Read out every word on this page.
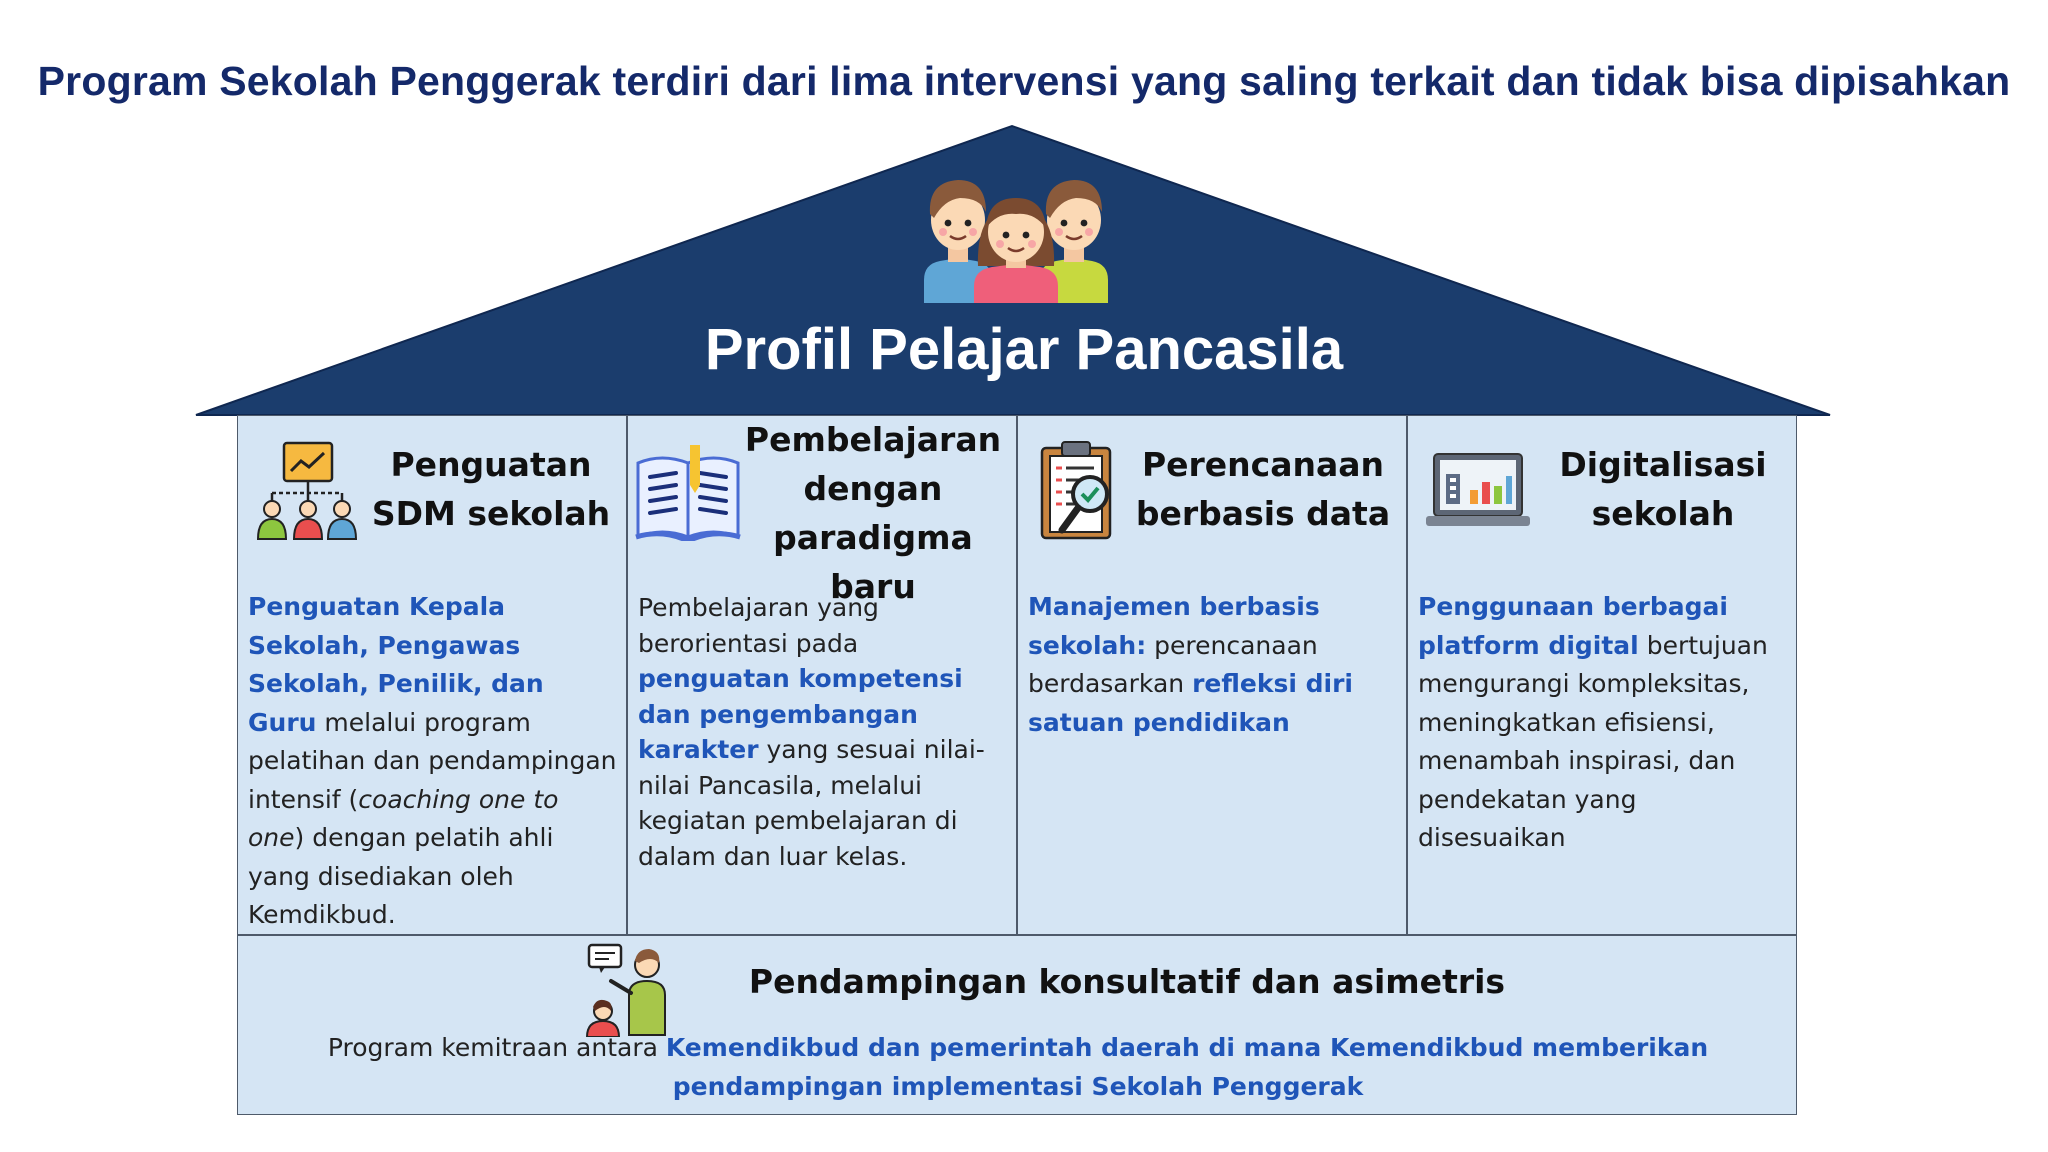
Program Sekolah Penggerak terdiri dari lima intervensi yang saling terkait dan tidak bisa dipisahkan
Profil Pelajar Pancasila
Penguatan
SDM sekolah
Penguatan Kepala Sekolah, Pengawas Sekolah, Penilik, dan Guru melalui program pelatihan dan pendampingan intensif (coaching one to one) dengan pelatih ahli yang disediakan oleh Kemdikbud.
Pembelajaran
dengan
paradigma baru
Pembelajaran yang berorientasi pada penguatan kompetensi dan pengembangan karakter yang sesuai nilai-nilai Pancasila, melalui kegiatan pembelajaran di dalam dan luar kelas.
Perencanaan
berbasis data
Manajemen berbasis sekolah: perencanaan berdasarkan refleksi diri satuan pendidikan
Digitalisasi
sekolah
Penggunaan berbagai platform digital bertujuan mengurangi kompleksitas, meningkatkan efisiensi, menambah inspirasi, dan pendekatan yang disesuaikan
Pendampingan konsultatif dan asimetris
Program kemitraan antara Kemendikbud dan pemerintah daerah di mana Kemendikbud memberikan pendampingan implementasi Sekolah Penggerak
